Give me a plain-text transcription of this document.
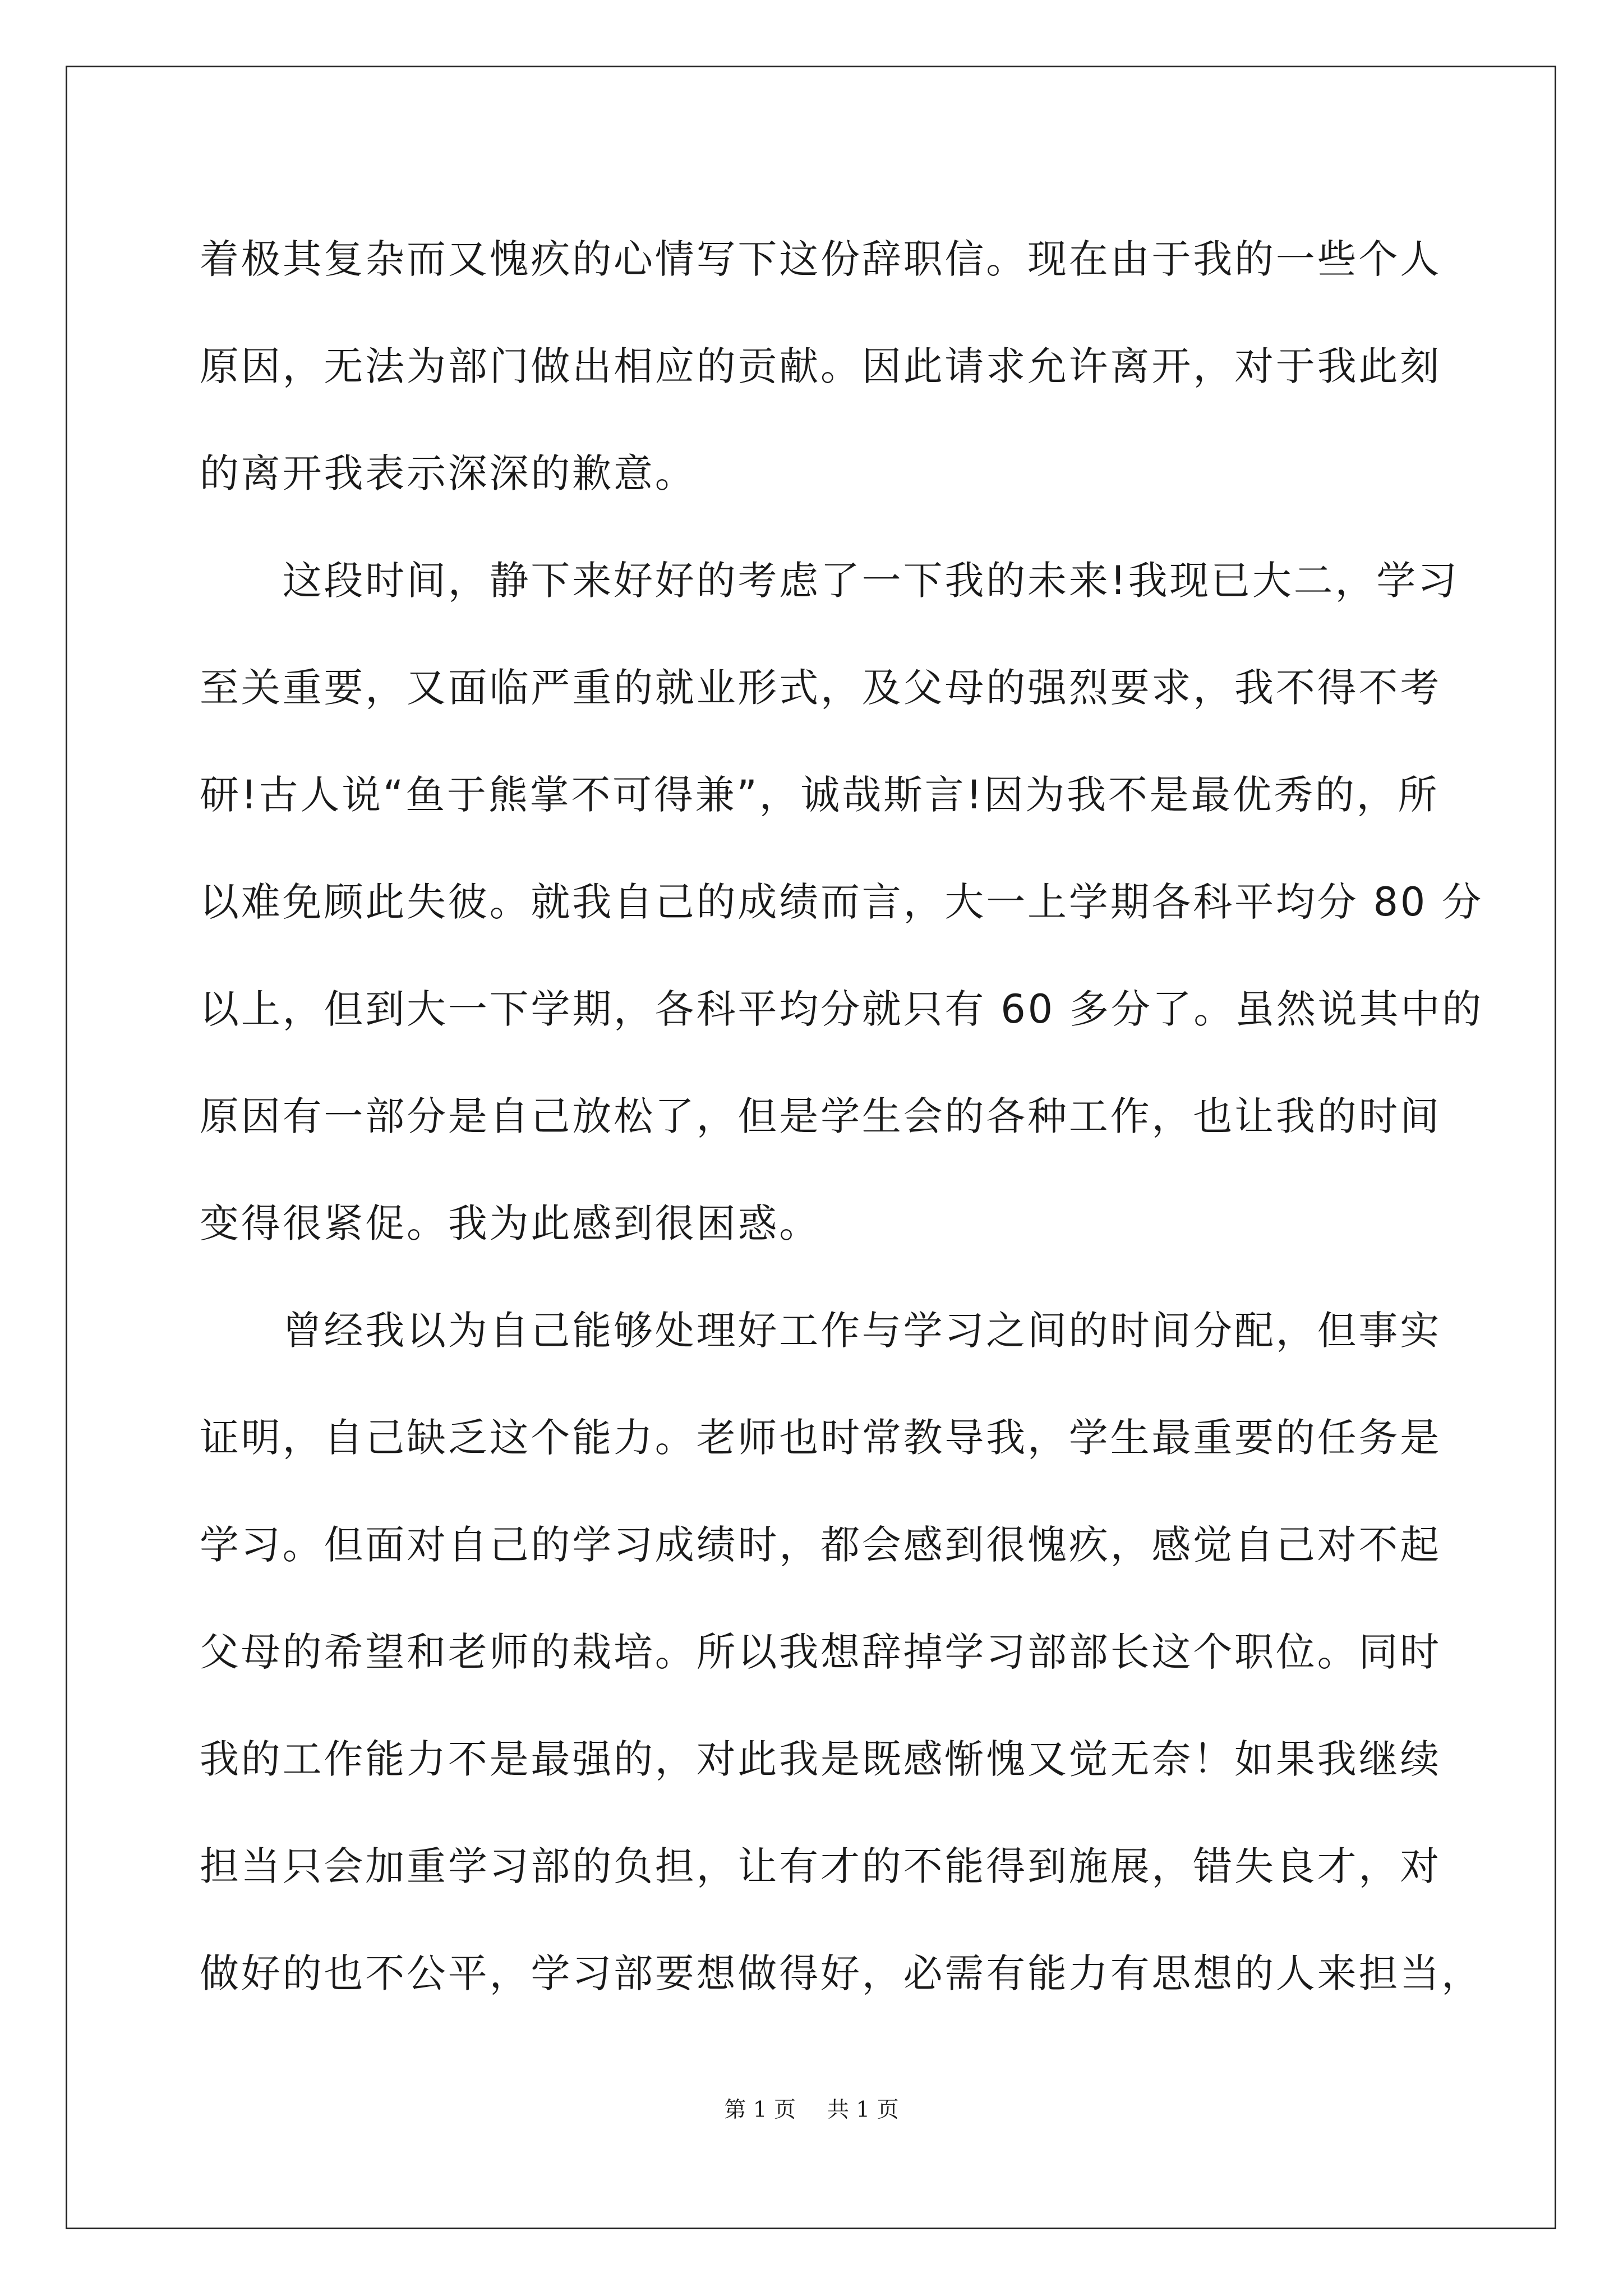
着极其复杂而又愧疚的心情写下这份辞职信。现在由于我的一些个人
原因，无法为部门做出相应的贡献。因此请求允许离开，对于我此刻
的离开我表示深深的歉意。
　　这段时间，静下来好好的考虑了一下我的未来!我现已大二，学习
至关重要，又面临严重的就业形式，及父母的强烈要求，我不得不考
研!古人说“鱼于熊掌不可得兼”，诚哉斯言!因为我不是最优秀的，所
以难免顾此失彼。就我自己的成绩而言，大一上学期各科平均分 80 分
以上，但到大一下学期，各科平均分就只有 60 多分了。虽然说其中的
原因有一部分是自己放松了，但是学生会的各种工作，也让我的时间
变得很紧促。我为此感到很困惑。
　　曾经我以为自己能够处理好工作与学习之间的时间分配，但事实
证明，自己缺乏这个能力。老师也时常教导我，学生最重要的任务是
学习。但面对自己的学习成绩时，都会感到很愧疚，感觉自己对不起
父母的希望和老师的栽培。所以我想辞掉学习部部长这个职位。同时
我的工作能力不是最强的，对此我是既感惭愧又觉无奈！如果我继续
担当只会加重学习部的负担，让有才的不能得到施展，错失良才，对
做好的也不公平，学习部要想做得好，必需有能力有思想的人来担当，
第 1 页 共 1 页
